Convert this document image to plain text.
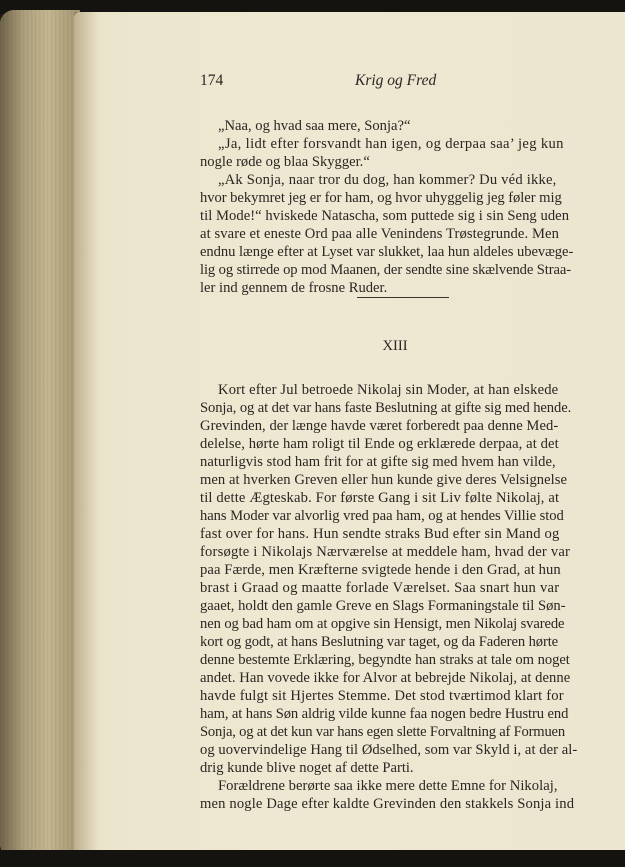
174	Krig og Fred
„Naa, og hvad saa mere, Sonja?“
„Ja, lidt efter forsvandt han igen, og derpaa saa’ jeg kun
nogle røde og blaa Skygger.“
„Ak Sonja, naar tror du dog, han kommer? Du véd ikke,
hvor bekymret jeg er for ham, og hvor uhyggelig jeg føler mig
til Mode!“ hviskede Natascha, som puttede sig i sin Seng uden
at svare et eneste Ord paa alle Venindens Trøstegrunde. Men
endnu længe efter at Lyset var slukket, laa hun aldeles ubevæge-
lig og stirrede op mod Maanen, der sendte sine skælvende Straa-
ler ind gennem de frosne Ruder.
XIII
Kort efter Jul betroede Nikolaj sin Moder, at han elskede
Sonja, og at det var hans faste Beslutning at gifte sig med hende.
Grevinden, der længe havde været forberedt paa denne Med-
delelse, hørte ham roligt til Ende og erklærede derpaa, at det
naturligvis stod ham frit for at gifte sig med hvem han vilde,
men at hverken Greven eller hun kunde give deres Velsignelse
til dette Ægteskab. For første Gang i sit Liv følte Nikolaj, at
hans Moder var alvorlig vred paa ham, og at hendes Villie stod
fast over for hans. Hun sendte straks Bud efter sin Mand og
forsøgte i Nikolajs Nærværelse at meddele ham, hvad der var
paa Færde, men Kræfterne svigtede hende i den Grad, at hun
brast i Graad og maatte forlade Værelset. Saa snart hun var
gaaet, holdt den gamle Greve en Slags Formaningstale til Søn-
nen og bad ham om at opgive sin Hensigt, men Nikolaj svarede
kort og godt, at hans Beslutning var taget, og da Faderen hørte
denne bestemte Erklæring, begyndte han straks at tale om noget
andet. Han vovede ikke for Alvor at bebrejde Nikolaj, at denne
havde fulgt sit Hjertes Stemme. Det stod tværtimod klart for
ham, at hans Søn aldrig vilde kunne faa nogen bedre Hustru end
Sonja, og at det kun var hans egen slette Forvaltning af Formuen
og uovervindelige Hang til Ødselhed, som var Skyld i, at der al-
drig kunde blive noget af dette Parti.
Forældrene berørte saa ikke mere dette Emne for Nikolaj,
men nogle Dage efter kaldte Grevinden den stakkels Sonja ind
